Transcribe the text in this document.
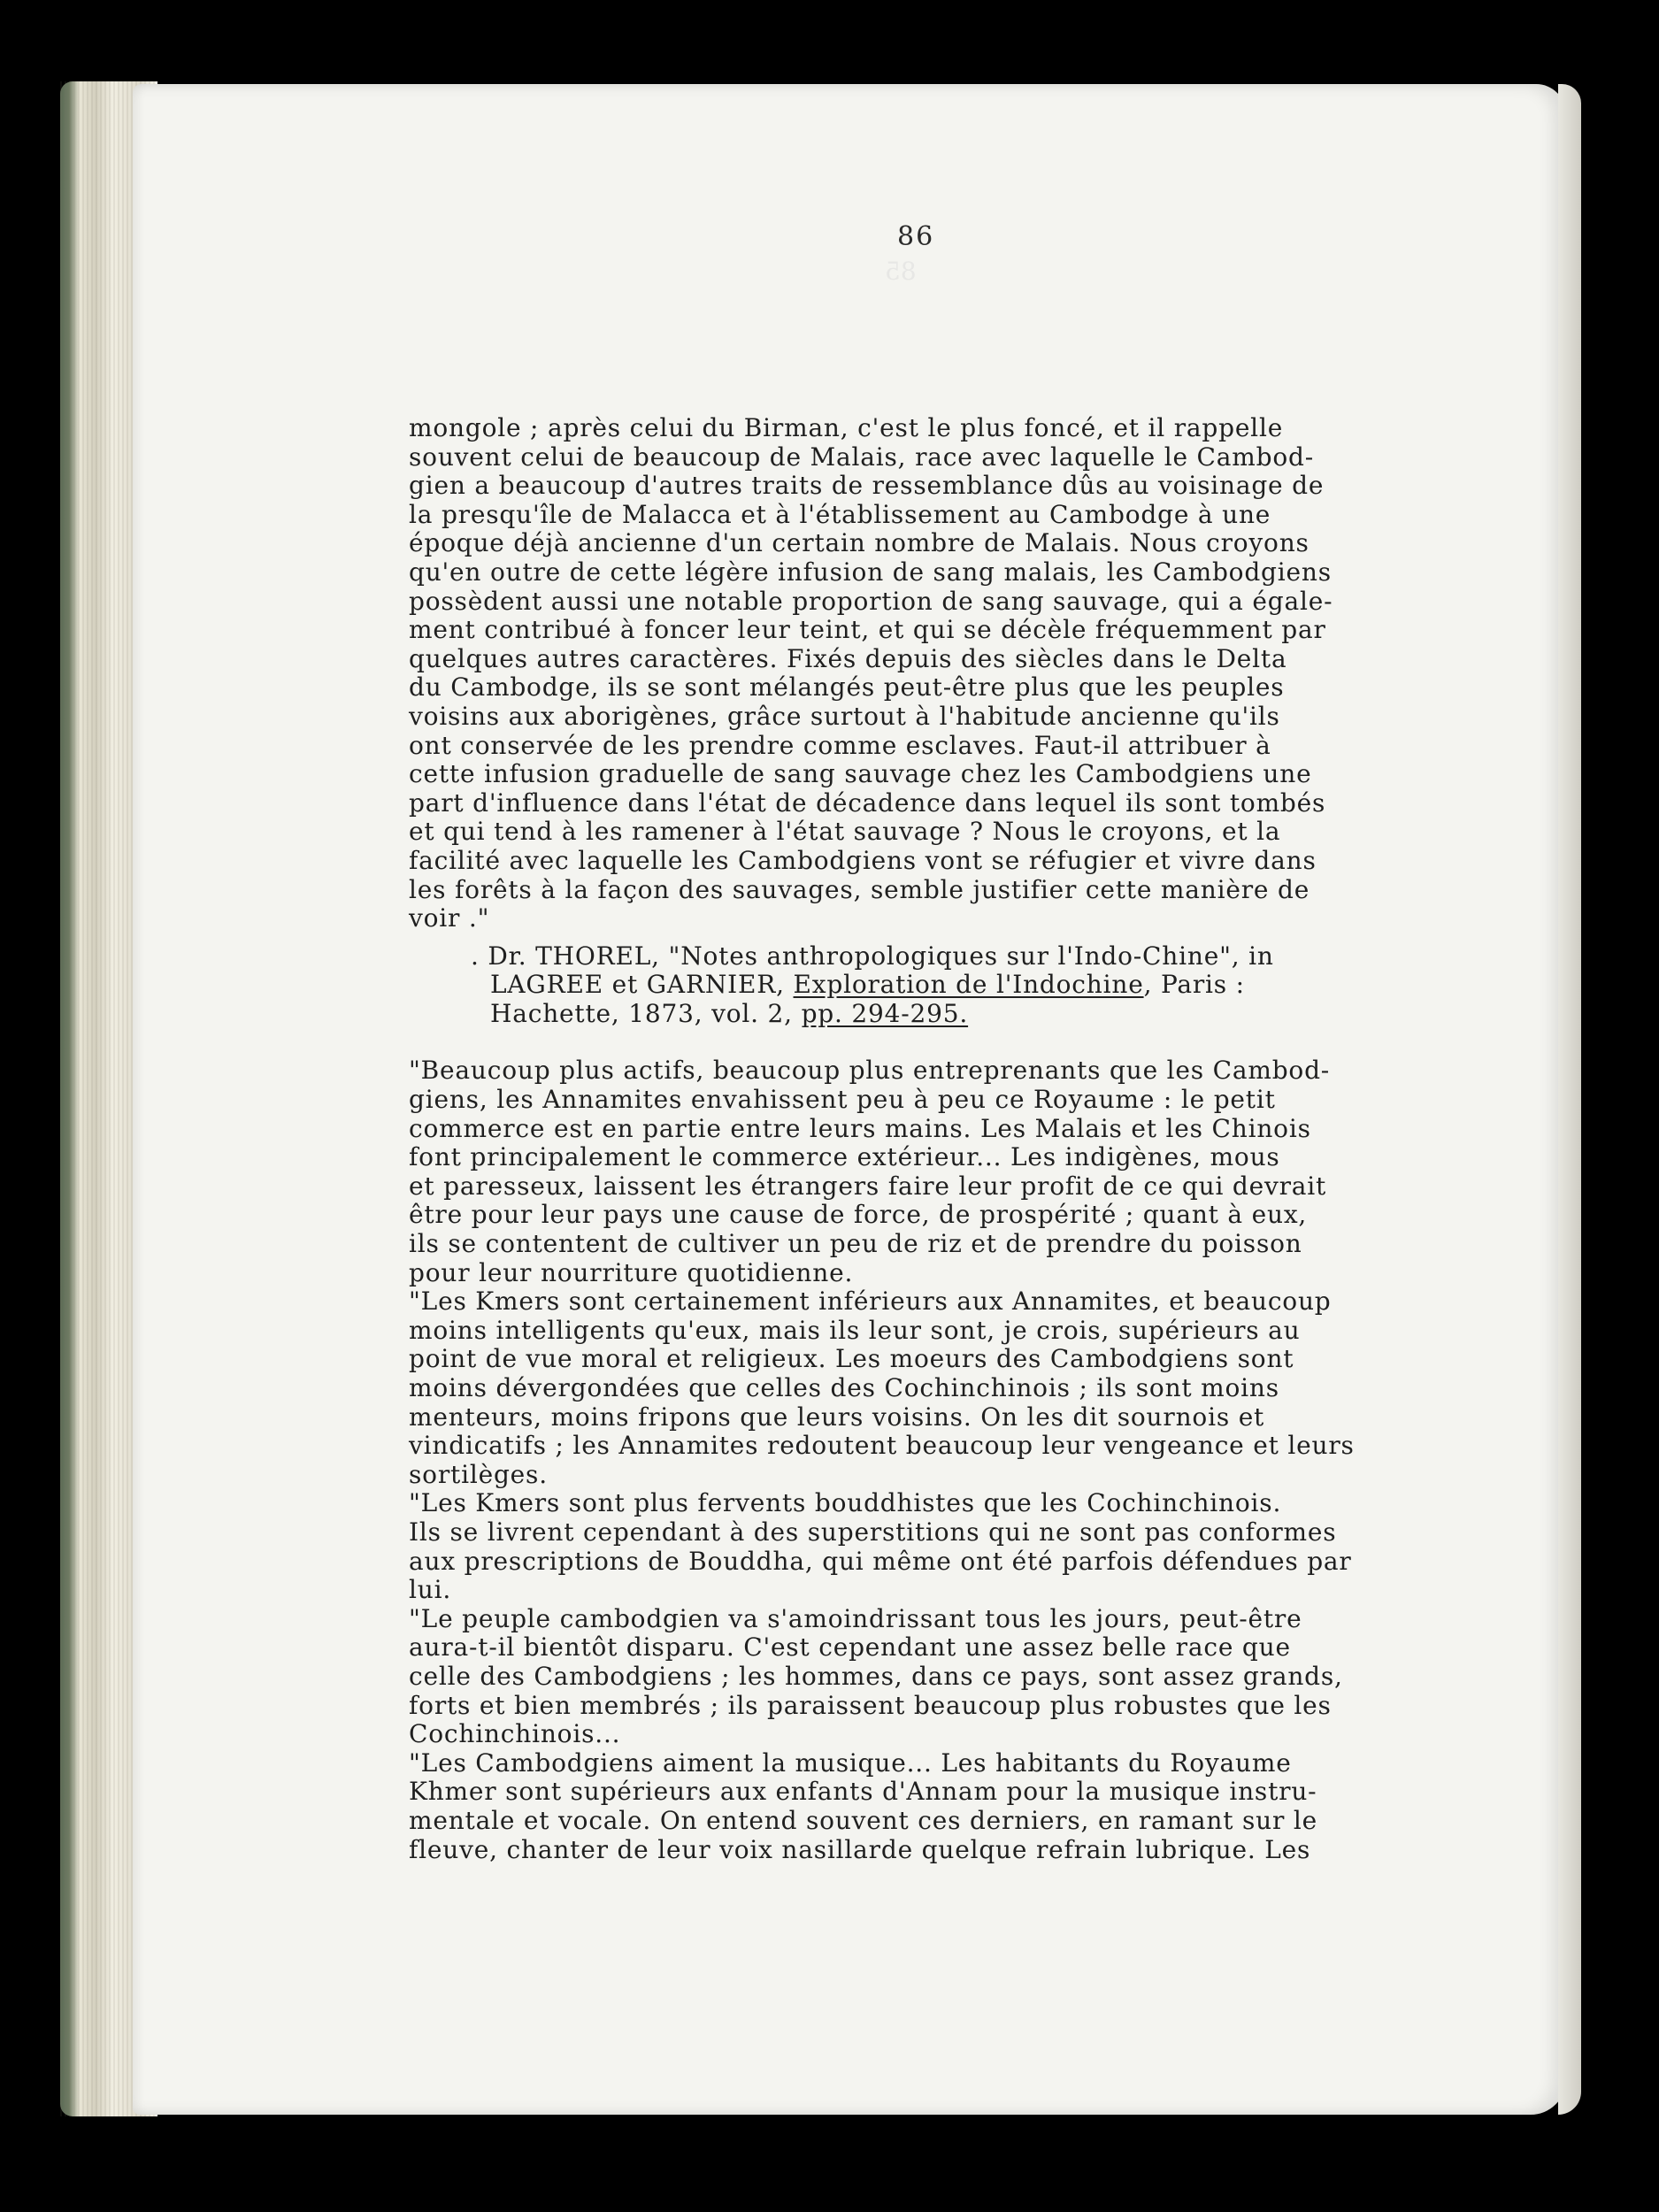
85
86
mongole ; après celui du Birman, c'est le plus foncé, et il rappelle
souvent celui de beaucoup de Malais, race avec laquelle le Cambod-
gien a beaucoup d'autres traits de ressemblance dûs au voisinage de
la presqu'île de Malacca et à l'établissement au Cambodge à une
époque déjà ancienne d'un certain nombre de Malais. Nous croyons
qu'en outre de cette légère infusion de sang malais, les Cambodgiens
possèdent aussi une notable proportion de sang sauvage, qui a égale-
ment contribué à foncer leur teint, et qui se décèle fréquemment par
quelques autres caractères. Fixés depuis des siècles dans le Delta
du Cambodge, ils se sont mélangés peut-être plus que les peuples
voisins aux aborigènes, grâce surtout à l'habitude ancienne qu'ils
ont conservée de les prendre comme esclaves. Faut-il attribuer à
cette infusion graduelle de sang sauvage chez les Cambodgiens une
part d'influence dans l'état de décadence dans lequel ils sont tombés
et qui tend à les ramener à l'état sauvage ? Nous le croyons, et la
facilité avec laquelle les Cambodgiens vont se réfugier et vivre dans
les forêts à la façon des sauvages, semble justifier cette manière de
voir ."
. Dr. THOREL, "Notes anthropologiques sur l'Indo-Chine", in
LAGREE et GARNIER, Exploration de l'Indochine, Paris :
Hachette, 1873, vol. 2, pp. 294-295.
"Beaucoup plus actifs, beaucoup plus entreprenants que les Cambod-
giens, les Annamites envahissent peu à peu ce Royaume : le petit
commerce est en partie entre leurs mains. Les Malais et les Chinois
font principalement le commerce extérieur... Les indigènes, mous
et paresseux, laissent les étrangers faire leur profit de ce qui devrait
être pour leur pays une cause de force, de prospérité ; quant à eux,
ils se contentent de cultiver un peu de riz et de prendre du poisson
pour leur nourriture quotidienne.
"Les Kmers sont certainement inférieurs aux Annamites, et beaucoup
moins intelligents qu'eux, mais ils leur sont, je crois, supérieurs au
point de vue moral et religieux. Les moeurs des Cambodgiens sont
moins dévergondées que celles des Cochinchinois ; ils sont moins
menteurs, moins fripons que leurs voisins. On les dit sournois et
vindicatifs ; les Annamites redoutent beaucoup leur vengeance et leurs
sortilèges.
"Les Kmers sont plus fervents bouddhistes que les Cochinchinois.
Ils se livrent cependant à des superstitions qui ne sont pas conformes
aux prescriptions de Bouddha, qui même ont été parfois défendues par
lui.
"Le peuple cambodgien va s'amoindrissant tous les jours, peut-être
aura-t-il bientôt disparu. C'est cependant une assez belle race que
celle des Cambodgiens ; les hommes, dans ce pays, sont assez grands,
forts et bien membrés ; ils paraissent beaucoup plus robustes que les
Cochinchinois...
"Les Cambodgiens aiment la musique... Les habitants du Royaume
Khmer sont supérieurs aux enfants d'Annam pour la musique instru-
mentale et vocale. On entend souvent ces derniers, en ramant sur le
fleuve, chanter de leur voix nasillarde quelque refrain lubrique. Les
